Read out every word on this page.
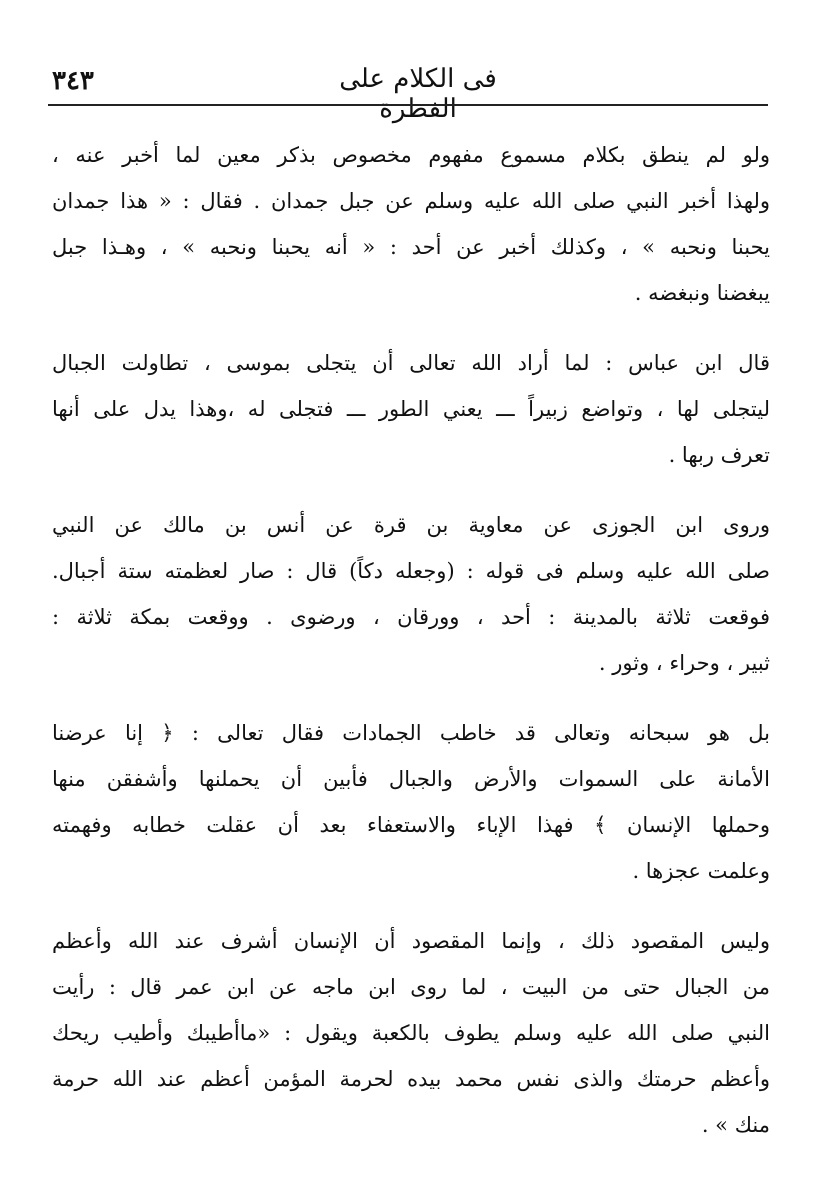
٣٤٣	فى الكلام على الفطرة
ولو لم ينطق بكلام مسموع مفهوم مخصوص بذكر معين لما أخبر عنه ،
ولهذا أخبر النبي صلى الله عليه وسلم عن جبل جمدان . فقال : « هذا جمدان
يحبنا ونحبه » ، وكذلك أخبر عن أحد : « أنه يحبنا ونحبه » ، وهـذا جبل
يبغضنا ونبغضه .
قال ابن عباس : لما أراد الله تعالى أن يتجلى بموسى ، تطاولت الجبال
ليتجلى لها ، وتواضع زبيراً ـــ يعني الطور ـــ فتجلى له ،وهذا يدل على أنها
تعرف ربها .
وروى ابن الجوزى عن معاوية بن قرة عن أنس بن مالك عن النبي
صلى الله عليه وسلم فى قوله : (وجعله دكاً) قال : صار لعظمته ستة أجبال.
فوقعت ثلاثة بالمدينة : أحد ، وورقان ، ورضوى . ووقعت بمكة ثلاثة :
ثبير ، وحراء ، وثور .
بل هو سبحانه وتعالى قد خاطب الجمادات فقال تعالى : ﴿ إنا عرضنا
الأمانة على السموات والأرض والجبال فأبين أن يحملنها وأشفقن منها
وحملها الإنسان ﴾ فهذا الإباء والاستعفاء بعد أن عقلت خطابه وفهمته
وعلمت عجزها .
وليس المقصود ذلك ، وإنما المقصود أن الإنسان أشرف عند الله وأعظم
من الجبال حتى من البيت ، لما روى ابن ماجه عن ابن عمر قال : رأيت
النبي صلى الله عليه وسلم يطوف بالكعبة ويقول : «ماأطيبك وأطيب ريحك
وأعظم حرمتك والذى نفس محمد بيده لحرمة المؤمن أعظم عند الله حرمة
منك » .
